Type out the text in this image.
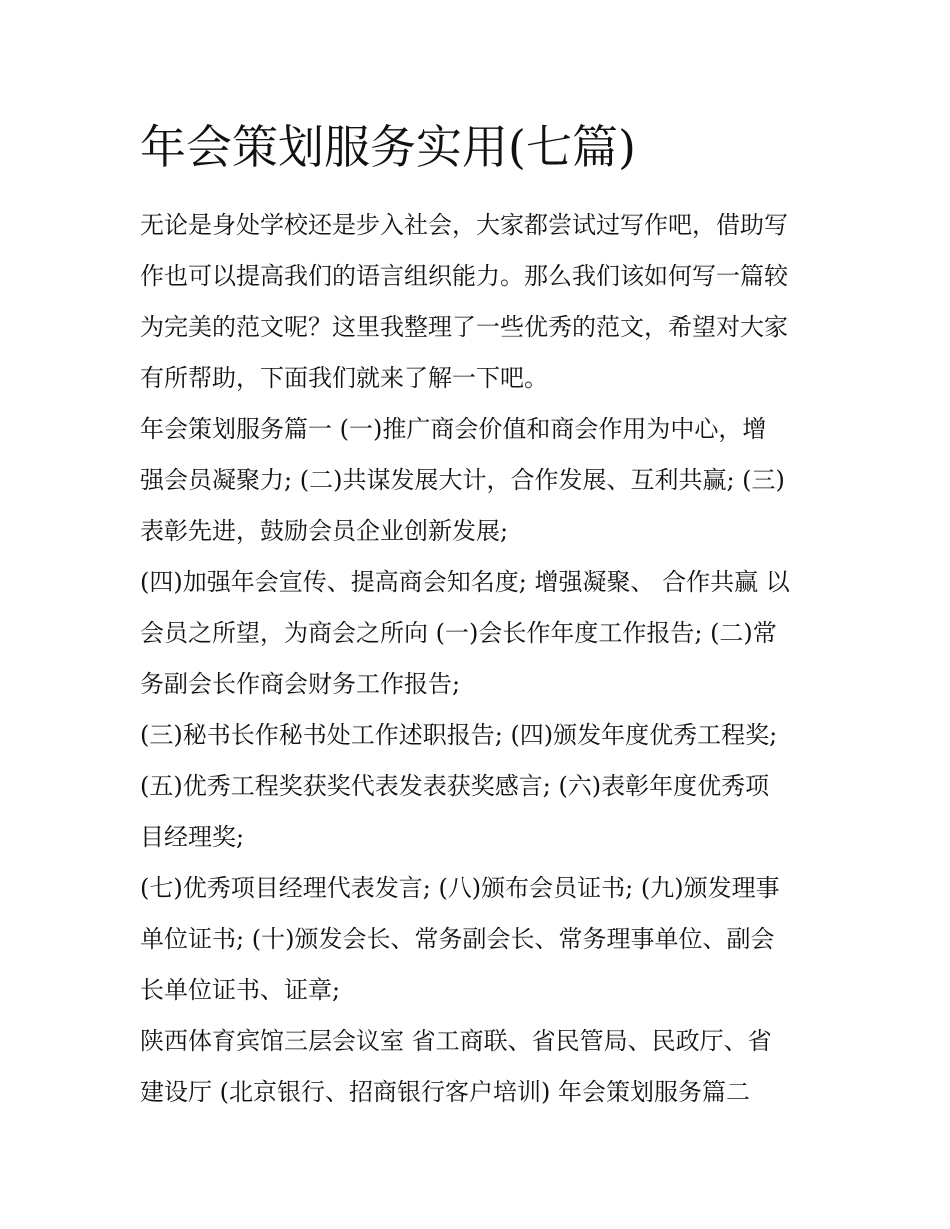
年会策划服务实用(七篇)
无论是身处学校还是步入社会，大家都尝试过写作吧，借助写
作也可以提高我们的语言组织能力。那么我们该如何写一篇较
为完美的范文呢？这里我整理了一些优秀的范文，希望对大家
有所帮助，下面我们就来了解一下吧。
年会策划服务篇一 (一)推广商会价值和商会作用为中心，增
强会员凝聚力; (二)共谋发展大计，合作发展、互利共赢; (三)
表彰先进，鼓励会员企业创新发展;
(四)加强年会宣传、提高商会知名度; 增强凝聚、 合作共赢 以
会员之所望，为商会之所向 (一)会长作年度工作报告; (二)常
务副会长作商会财务工作报告;
(三)秘书长作秘书处工作述职报告; (四)颁发年度优秀工程奖;
(五)优秀工程奖获奖代表发表获奖感言; (六)表彰年度优秀项
目经理奖;
(七)优秀项目经理代表发言; (八)颁布会员证书; (九)颁发理事
单位证书; (十)颁发会长、常务副会长、常务理事单位、副会
长单位证书、证章;
陕西体育宾馆三层会议室 省工商联、省民管局、民政厅、省
建设厅 (北京银行、招商银行客户培训) 年会策划服务篇二
